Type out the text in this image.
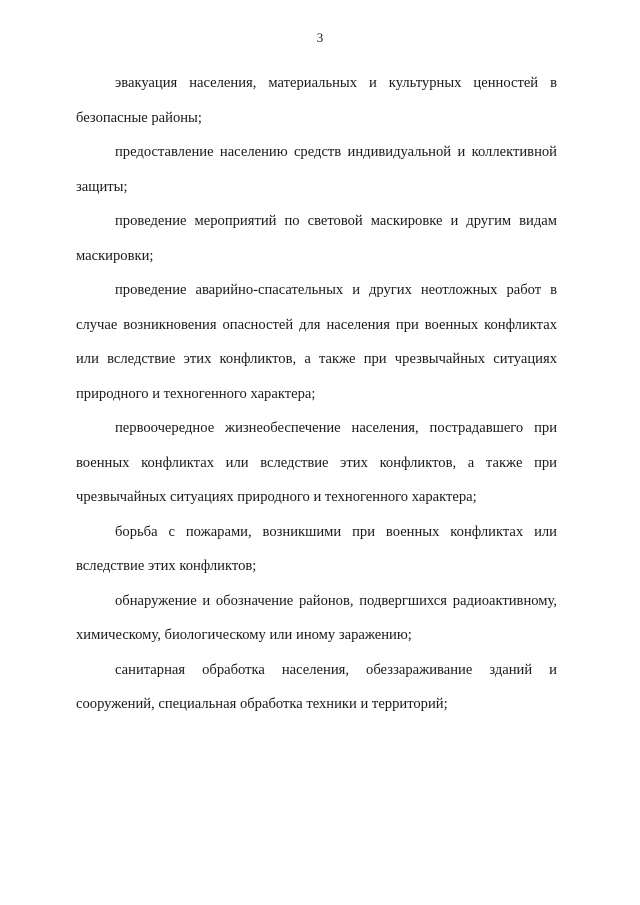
3

эвакуация населения, материальных и культурных ценностей в безопасные районы;

предоставление населению средств индивидуальной и коллективной защиты;

проведение мероприятий по световой маскировке и другим видам маскировки;

проведение аварийно-спасательных и других неотложных работ в случае возникновения опасностей для населения при военных конфликтах или вследствие этих конфликтов, а также при чрезвычайных ситуациях природного и техногенного характера;

первоочередное жизнеобеспечение населения, пострадавшего при военных конфликтах или вследствие этих конфликтов, а также при чрезвычайных ситуациях природного и техногенного характера;

борьба с пожарами, возникшими при военных конфликтах или вследствие этих конфликтов;

обнаружение и обозначение районов, подвергшихся радиоактивному, химическому, биологическому или иному заражению;

санитарная обработка населения, обеззараживание зданий и сооружений, специальная обработка техники и территорий;
